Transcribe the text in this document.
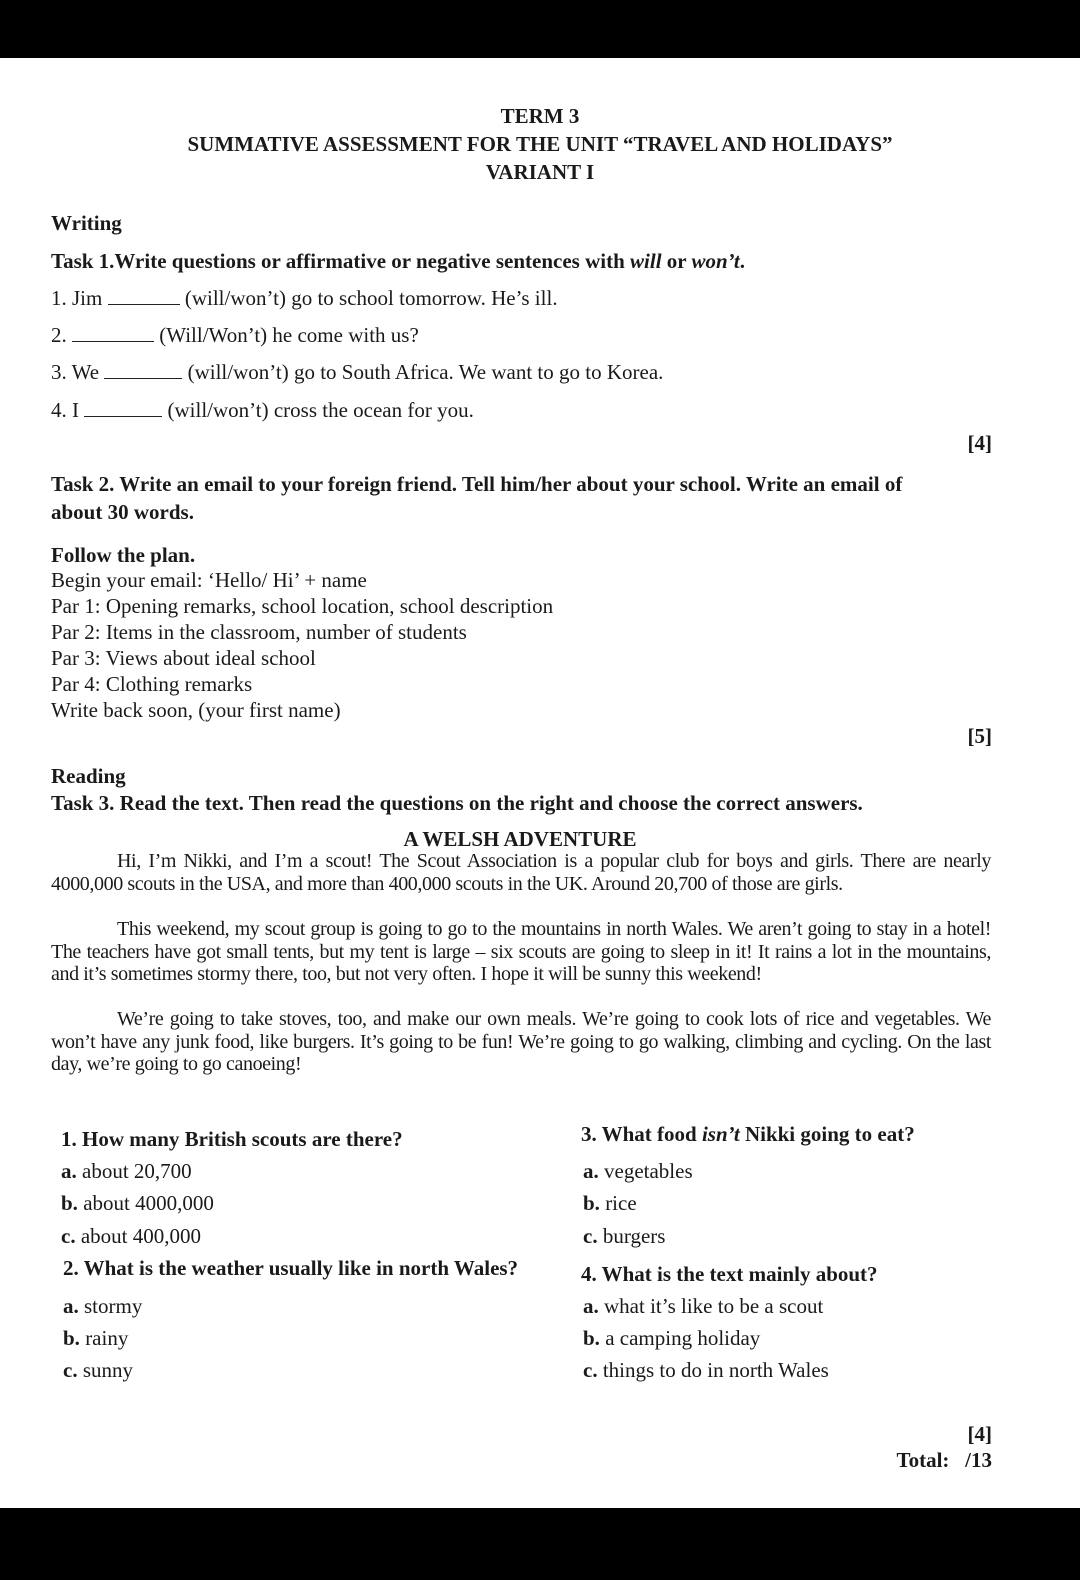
TERM 3
SUMMATIVE ASSESSMENT FOR THE UNIT “TRAVEL AND HOLIDAYS”
VARIANT I
Writing
Task 1.Write questions or affirmative or negative sentences with will or won’t.
1. Jim	(will/won’t) go to school tomorrow. He’s ill.
2.	(Will/Won’t) he come with us?
3. We	(will/won’t) go to South Africa. We want to go to Korea.
4. I	(will/won’t) cross the ocean for you.
[4]
Task 2. Write an email to your foreign friend. Tell him/her about your school. Write an email of
about 30 words.
Follow the plan.
Begin your email: ‘Hello/ Hi’ + name
Par 1: Opening remarks, school location, school description
Par 2: Items in the classroom, number of students
Par 3: Views about ideal school
Par 4: Clothing remarks
Write back soon, (your first name)
[5]
Reading
Task 3. Read the text. Then read the questions on the right and choose the correct answers.
A WELSH ADVENTURE
Hi, I’m Nikki, and I’m a scout! The Scout Association is a popular club for boys and girls. There are nearly 4000,000 scouts in the USA, and more than 400,000 scouts in the UK. Around 20,700 of those are girls.
This weekend, my scout group is going to go to the mountains in north Wales. We aren’t going to stay in a hotel! The teachers have got small tents, but my tent is large – six scouts are going to sleep in it! It rains a lot in the mountains, and it’s sometimes stormy there, too, but not very often. I hope it will be sunny this weekend!
We’re going to take stoves, too, and make our own meals. We’re going to cook lots of rice and vegetables. We won’t have any junk food, like burgers. It’s going to be fun! We’re going to go walking, climbing and cycling. On the last day, we’re going to go canoeing!
1. How many British scouts are there?
a. about 20,700
b. about 4000,000
c. about 400,000
2. What is the weather usually like in north Wales?
a. stormy
b. rainy
c. sunny
3. What food isn’t Nikki going to eat?
a. vegetables
b. rice
c. burgers
4. What is the text mainly about?
a. what it’s like to be a scout
b. a camping holiday
c. things to do in north Wales
[4]
Total: /13
